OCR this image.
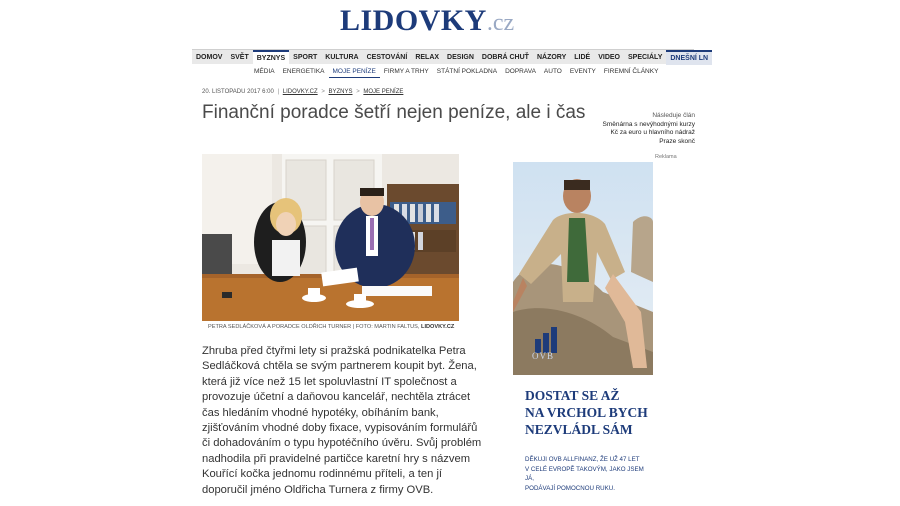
LIDOVKY .cz
DOMOV	SVĚT	BYZNYS	SPORT	KULTURA	CESTOVÁNÍ	RELAX	DESIGN	DOBRÁ CHUŤ	NÁZORY	LIDÉ	VIDEO	SPECIÁLY	DNEŠNÍ LN
MÉDIA	ENERGETIKA	MOJE PENÍZE	FIRMY A TRHY	STÁTNÍ POKLADNA	DOPRAVA	AUTO	EVENTY	FIREMNÍ ČLÁNKY
20. LISTOPADU 2017 6:00 | LIDOVKY.CZ > BYZNYS > MOJE PENÍZE
Finanční poradce šetří nejen peníze, ale i čas
PETRA SEDLÁČKOVÁ A PORADCE OLDŘICH TURNER | FOTO: MARTIN FALTUS, LIDOVKY.CZ

Zhruba před čtyřmi lety si pražská podnikatelka Petra Sedláčková chtěla se svým partnerem koupit byt. Žena, která již více než 15 let spoluvlastní IT společnost a provozuje účetní a daňovou kancelář, nechtěla ztrácet čas hledáním vhodné hypotéky, obíháním bank, zjišťováním vhodné doby fixace, vypisováním formulářů či dohadováním o typu hypotéčního úvěru. Svůj problém nadhodila při pravidelné partičce karetní hry s názvem Kouřící kočka jednomu rodinnému příteli, a ten jí doporučil jméno Oldřicha Turnera z firmy OVB.

Následuje člán
Směnárna s nevýhodnými kurzy
Kč za euro u hlavního nádraž
Praze skonč
Reklama
OVB
DOSTAT SE AŽ
NA VRCHOL BYCH
NEZVLÁDL SÁM
DĚKUJI OVB ALLFINANZ, ŽE UŽ 47 LET
V CELÉ EVROPĚ TAKOVÝM, JAKO JSEM JÁ,
PODÁVAJÍ POMOCNOU RUKU.
